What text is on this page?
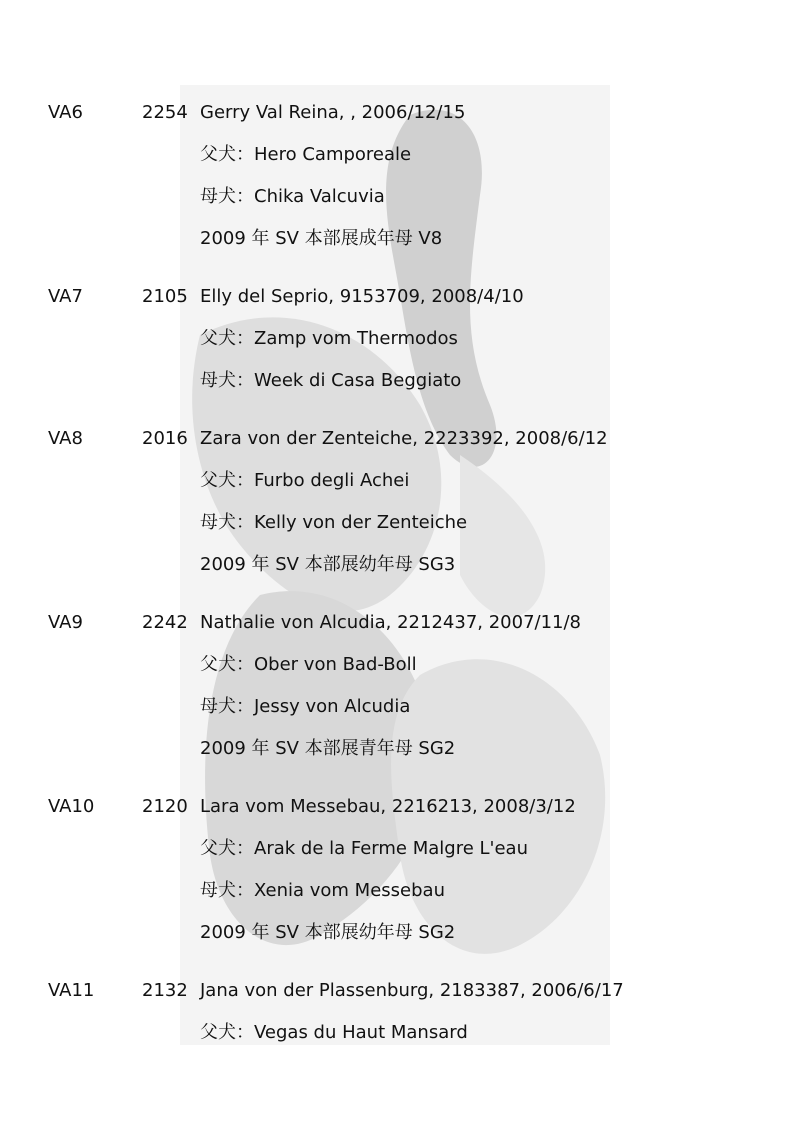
VA6	2254 Gerry Val Reina, , 2006/12/15
父犬：Hero Camporeale
母犬：Chika Valcuvia
2009 年 SV 本部展成年母 V8
VA7	2105 Elly del Seprio, 9153709, 2008/4/10
父犬：Zamp vom Thermodos
母犬：Week di Casa Beggiato
VA8	2016 Zara von der Zenteiche, 2223392, 2008/6/12
父犬：Furbo degli Achei
母犬：Kelly von der Zenteiche
2009 年 SV 本部展幼年母 SG3
VA9	2242 Nathalie von Alcudia, 2212437, 2007/11/8
父犬：Ober von Bad-Boll
母犬：Jessy von Alcudia
2009 年 SV 本部展青年母 SG2
VA10	2120 Lara vom Messebau, 2216213, 2008/3/12
父犬：Arak de la Ferme Malgre L'eau
母犬：Xenia vom Messebau
2009 年 SV 本部展幼年母 SG2
VA11	2132 Jana von der Plassenburg, 2183387, 2006/6/17
父犬：Vegas du Haut Mansard
